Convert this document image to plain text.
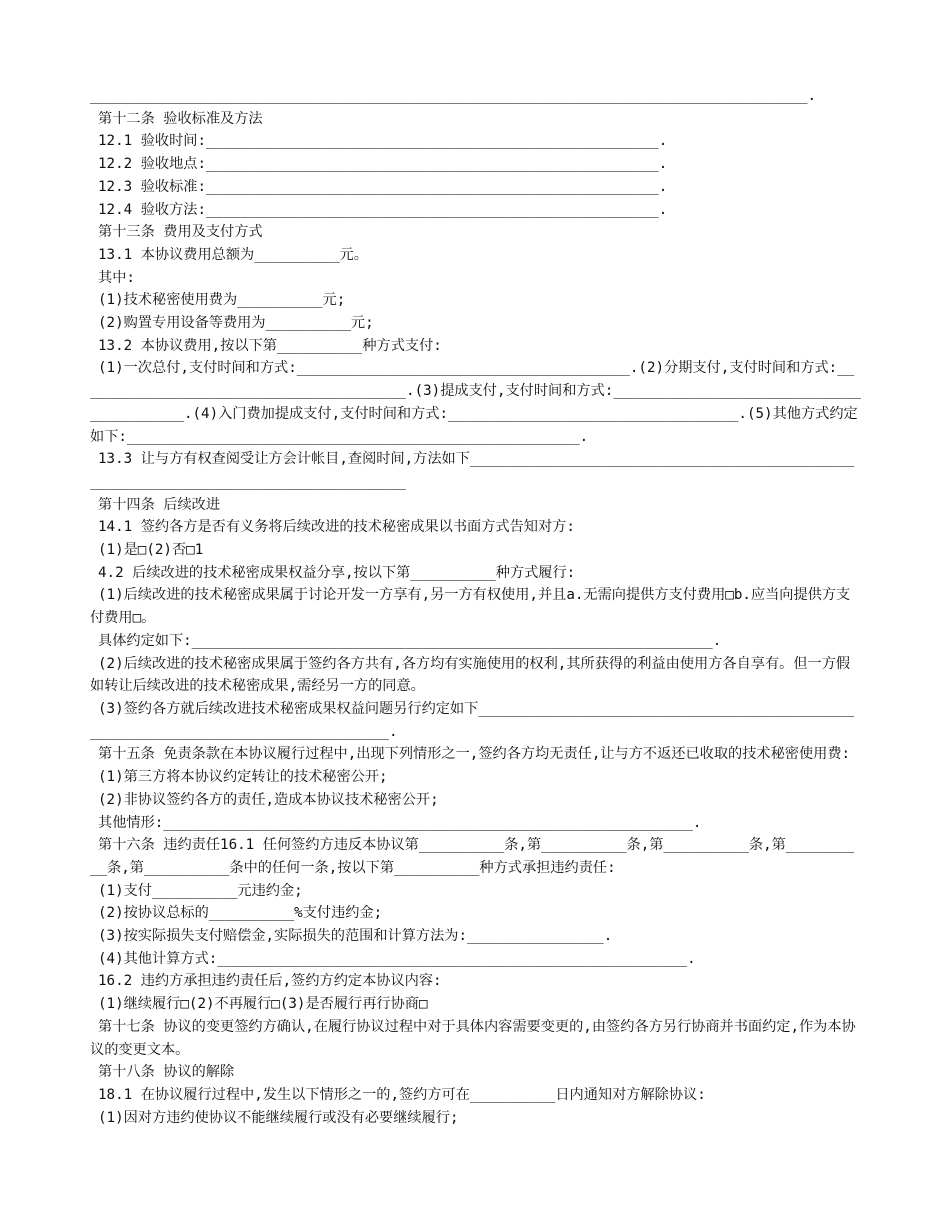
____________________________________________________________________________________.

第十二条 验收标准及方法

12.1 验收时间:_____________________________________________________.

12.2 验收地点:_____________________________________________________.

12.3 验收标准:_____________________________________________________.

12.4 验收方法:_____________________________________________________.

第十三条 费用及支付方式

13.1 本协议费用总额为__________元。

其中:

(1)技术秘密使用费为__________元;

(2)购置专用设备等费用为__________元;

13.2 本协议费用,按以下第__________种方式支付:

(1)一次总付,支付时间和方式:_______________________________________.(2)分期支付,支付时间和方式:_______________________________________.(3)提成支付,支付时间和方式:________________________________________.(4)入门费加提成支付,支付时间和方式:__________________________________.(5)其他方式约定如下:_____________________________________________________.

13.3 让与方有权查阅受让方会计帐目,查阅时间,方法如下__________________________________________________________________________________

第十四条 后续改进

14.1 签约各方是否有义务将后续改进的技术秘密成果以书面方式告知对方:

(1)是□(2)否□1

4.2 后续改进的技术秘密成果权益分享,按以下第__________种方式履行:

(1)后续改进的技术秘密成果属于讨论开发一方享有,另一方有权使用,并且a.无需向提供方支付费用□b.应当向提供方支付费用□。

具体约定如下:_____________________________________________________________.

(2)后续改进的技术秘密成果属于签约各方共有,各方均有实施使用的权利,其所获得的利益由使用方各自享有。但一方假如转让后续改进的技术秘密成果,需经另一方的同意。

(3)签约各方就后续改进技术秘密成果权益问题另行约定如下_______________________________________________________________________________.

第十五条 免责条款在本协议履行过程中,出现下列情形之一,签约各方均无责任,让与方不返还已收取的技术秘密使用费:

(1)第三方将本协议约定转让的技术秘密公开;

(2)非协议签约各方的责任,造成本协议技术秘密公开;

其他情形:______________________________________________________________.

第十六条 违约责任16.1 任何签约方违反本协议第__________条,第__________条,第__________条,第__________条,第__________条中的任何一条,按以下第__________种方式承担违约责任:

(1)支付__________元违约金;

(2)按协议总标的__________%支付违约金;

(3)按实际损失支付赔偿金,实际损失的范围和计算方法为:________________.

(4)其他计算方式:_______________________________________________________.

16.2 违约方承担违约责任后,签约方约定本协议内容:

(1)继续履行□(2)不再履行□(3)是否履行再行协商□

第十七条 协议的变更签约方确认,在履行协议过程中对于具体内容需要变更的,由签约各方另行协商并书面约定,作为本协议的变更文本。

第十八条 协议的解除

18.1 在协议履行过程中,发生以下情形之一的,签约方可在__________日内通知对方解除协议:

(1)因对方违约使协议不能继续履行或没有必要继续履行;
